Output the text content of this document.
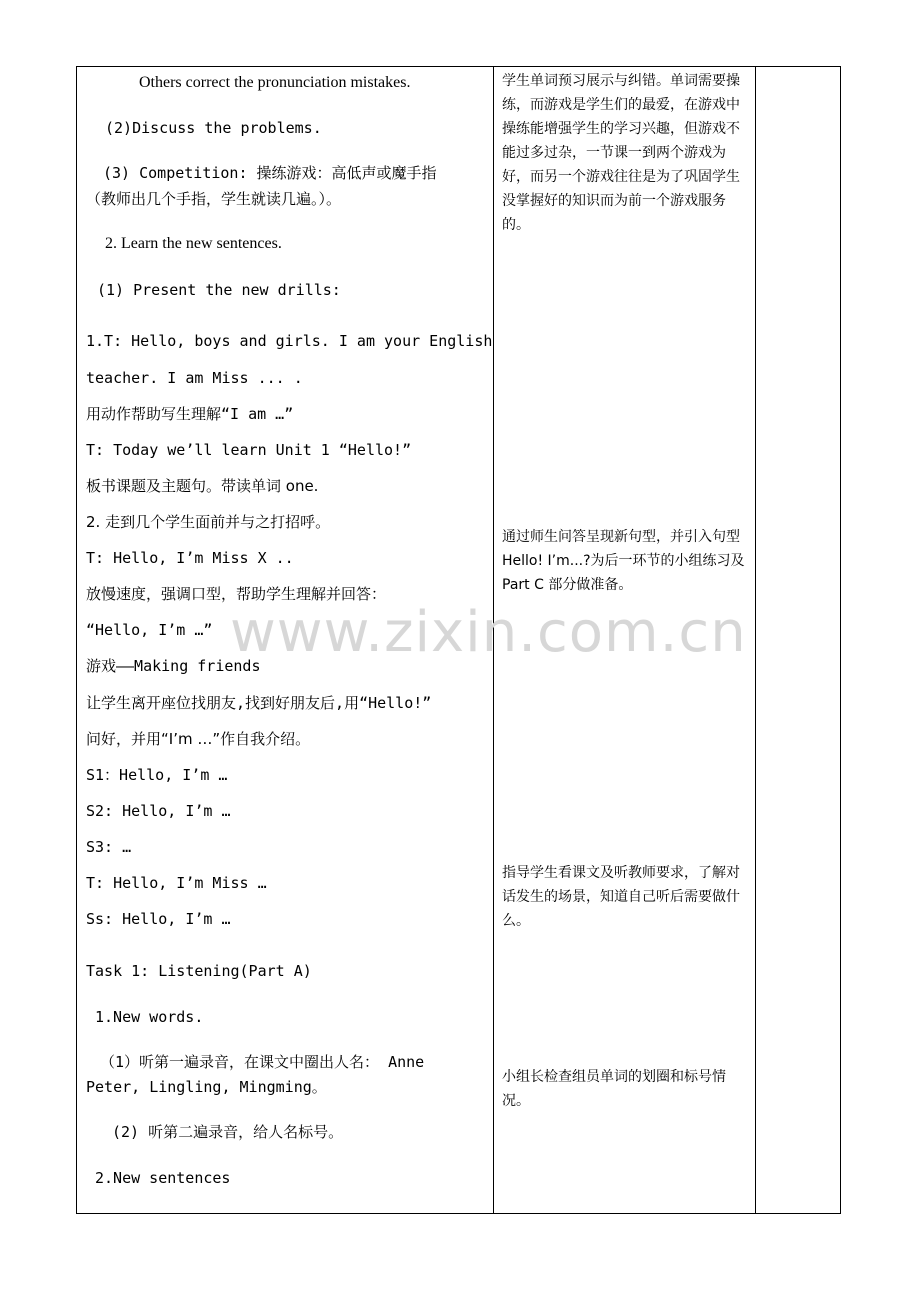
Others correct the pronunciation mistakes.
(2)Discuss the problems.
(3) Competition: 操练游戏：高低声或魔手指
（教师出几个手指，学生就读几遍。）。
2. Learn the new sentences.
(1) Present the new drills:
1.T: Hello, boys and girls. I am your English
teacher. I am Miss ... .
用动作帮助写生理解“I am …”
T: Today we’ll learn Unit 1 “Hello!”
板书课题及主题句。带读单词 one.
2. 走到几个学生面前并与之打招呼。
T: Hello, I’m Miss X ..
放慢速度，强调口型，帮助学生理解并回答：
“Hello, I’m …”
游戏——Making friends
让学生离开座位找朋友,找到好朋友后,用“Hello!”
问好，并用“I’m …”作自我介绍。
S1：Hello, I’m …
S2: Hello, I’m …
S3: …
T: Hello, I’m Miss …
Ss: Hello, I’m …
Task 1: Listening(Part A)
1.New words.
（1）听第一遍录音，在课文中圈出人名： Anne
Peter, Lingling, Mingming。
(2) 听第二遍录音，给人名标号。
2.New sentences
学生单词预习展示与纠错。单词需要操练，而游戏是学生们的最爱，在游戏中操练能增强学生的学习兴趣，但游戏不能过多过杂，一节课一到两个游戏为好，而另一个游戏往往是为了巩固学生没掌握好的知识而为前一个游戏服务的。
通过师生问答呈现新句型，并引入句型 Hello! I’m...?为后一环节的小组练习及 Part C 部分做准备。
指导学生看课文及听教师要求，了解对话发生的场景，知道自己听后需要做什么。
小组长检查组员单词的划圈和标号情况。
www.zixin.com.cn
